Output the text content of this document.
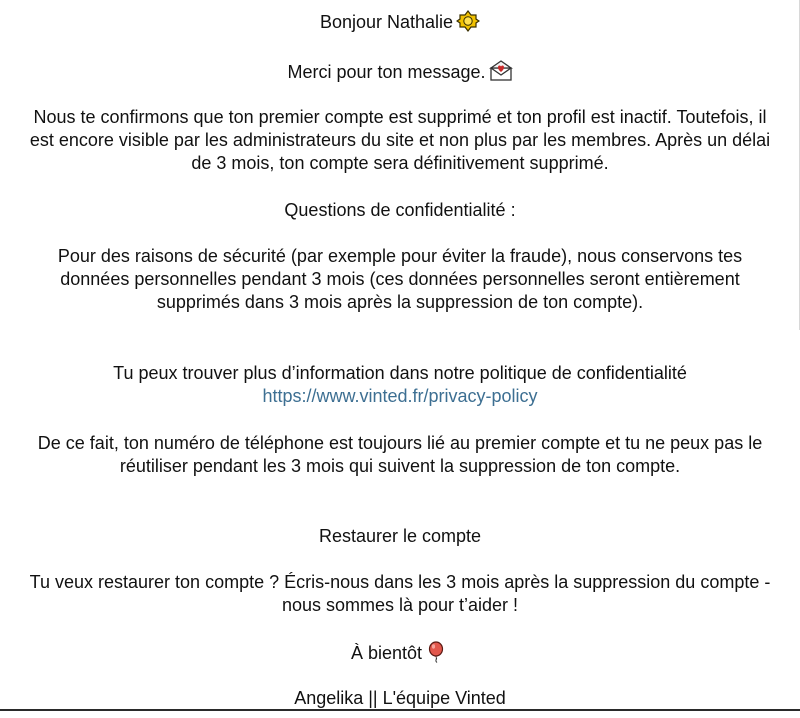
Bonjour Nathalie

Merci pour ton message.

Nous te confirmons que ton premier compte est supprimé et ton profil est inactif. Toutefois, il est encore visible par les administrateurs du site et non plus par les membres. Après un délai de 3 mois, ton compte sera définitivement supprimé.

Questions de confidentialité :

Pour des raisons de sécurité (par exemple pour éviter la fraude), nous conservons tes données personnelles pendant 3 mois (ces données personnelles seront entièrement supprimés dans 3 mois après la suppression de ton compte).

Tu peux trouver plus d’information dans notre politique de confidentialité
https://www.vinted.fr/privacy-policy

De ce fait, ton numéro de téléphone est toujours lié au premier compte et tu ne peux pas le réutiliser pendant les 3 mois qui suivent la suppression de ton compte.

Restaurer le compte

Tu veux restaurer ton compte ? Écris-nous dans les 3 mois après la suppression du compte - nous sommes là pour t’aider !

À bientôt

Angelika || L'équipe Vinted
